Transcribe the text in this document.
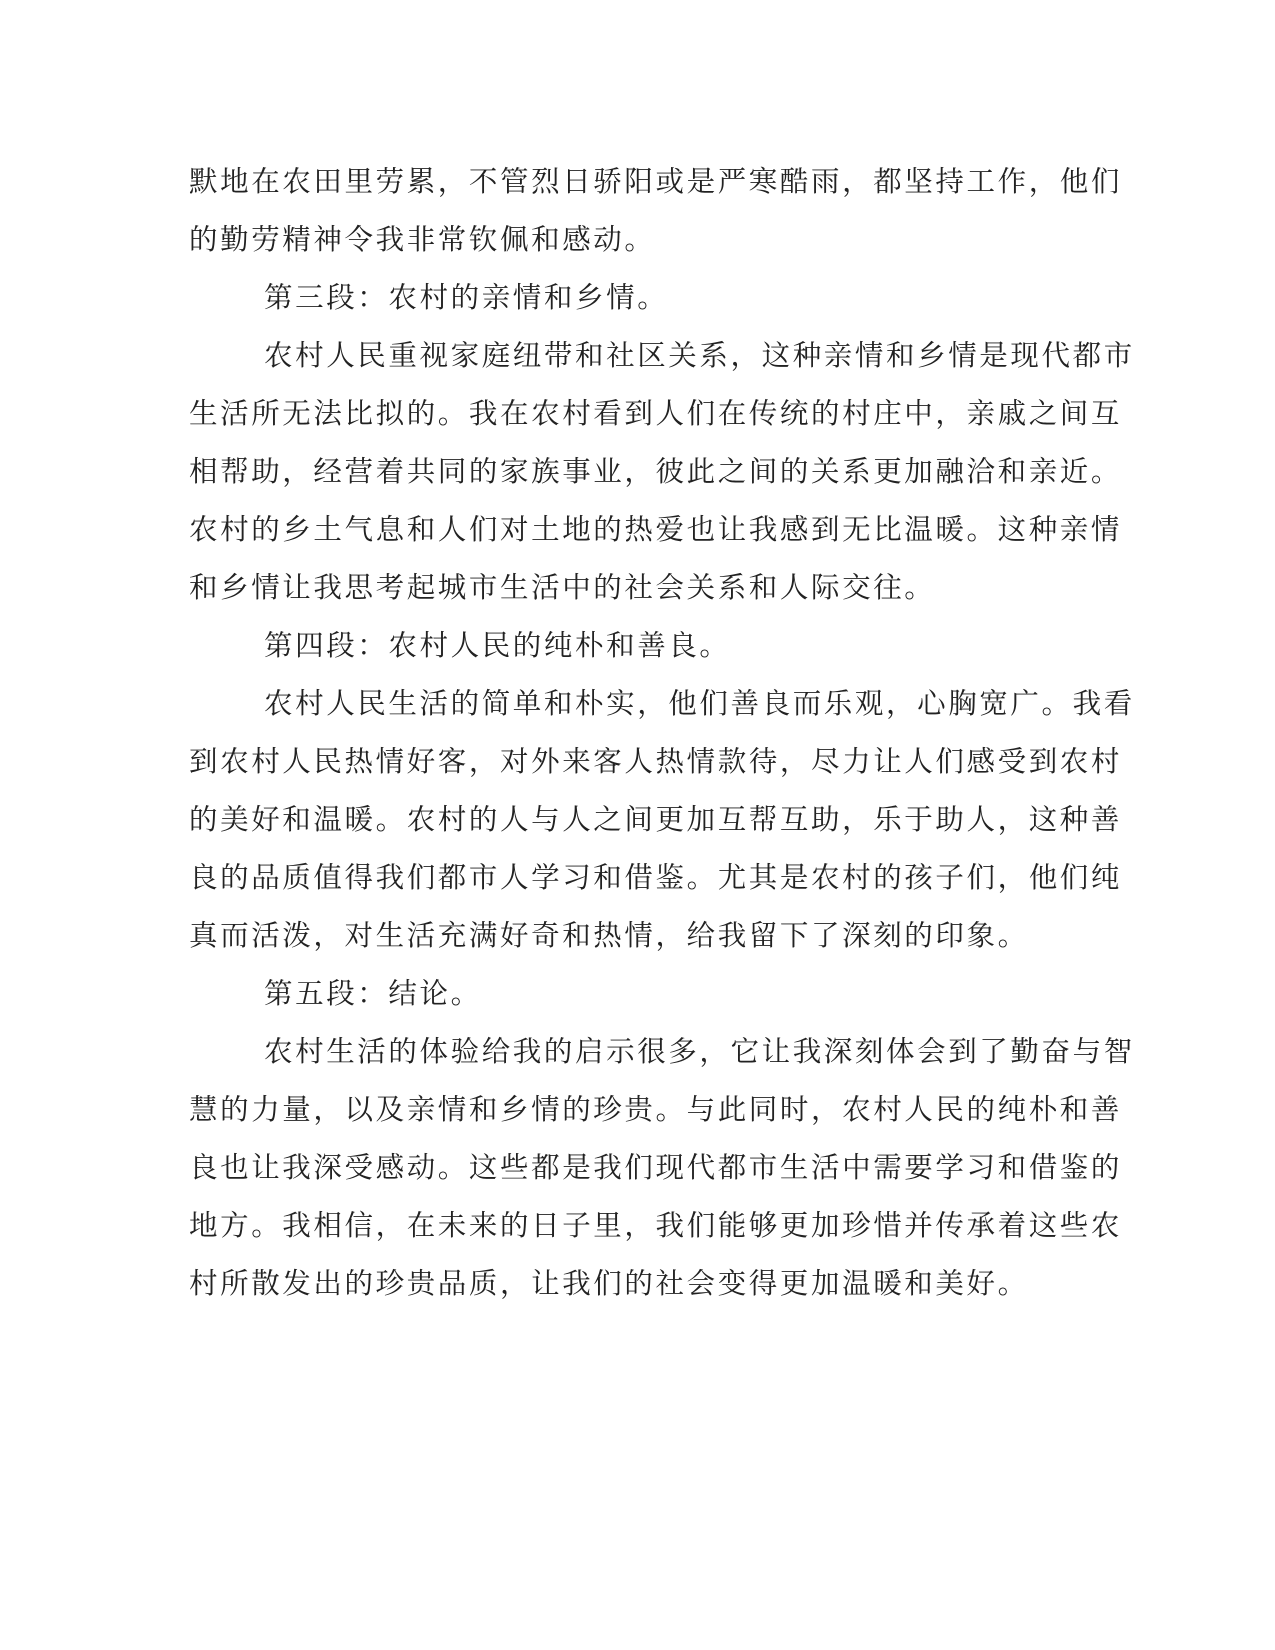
默地在农田里劳累，不管烈日骄阳或是严寒酷雨，都坚持工作，他们
的勤劳精神令我非常钦佩和感动。
第三段：农村的亲情和乡情。
农村人民重视家庭纽带和社区关系，这种亲情和乡情是现代都市
生活所无法比拟的。我在农村看到人们在传统的村庄中，亲戚之间互
相帮助，经营着共同的家族事业，彼此之间的关系更加融洽和亲近。
农村的乡土气息和人们对土地的热爱也让我感到无比温暖。这种亲情
和乡情让我思考起城市生活中的社会关系和人际交往。
第四段：农村人民的纯朴和善良。
农村人民生活的简单和朴实，他们善良而乐观，心胸宽广。我看
到农村人民热情好客，对外来客人热情款待，尽力让人们感受到农村
的美好和温暖。农村的人与人之间更加互帮互助，乐于助人，这种善
良的品质值得我们都市人学习和借鉴。尤其是农村的孩子们，他们纯
真而活泼，对生活充满好奇和热情，给我留下了深刻的印象。
第五段：结论。
农村生活的体验给我的启示很多，它让我深刻体会到了勤奋与智
慧的力量，以及亲情和乡情的珍贵。与此同时，农村人民的纯朴和善
良也让我深受感动。这些都是我们现代都市生活中需要学习和借鉴的
地方。我相信，在未来的日子里，我们能够更加珍惜并传承着这些农
村所散发出的珍贵品质，让我们的社会变得更加温暖和美好。
